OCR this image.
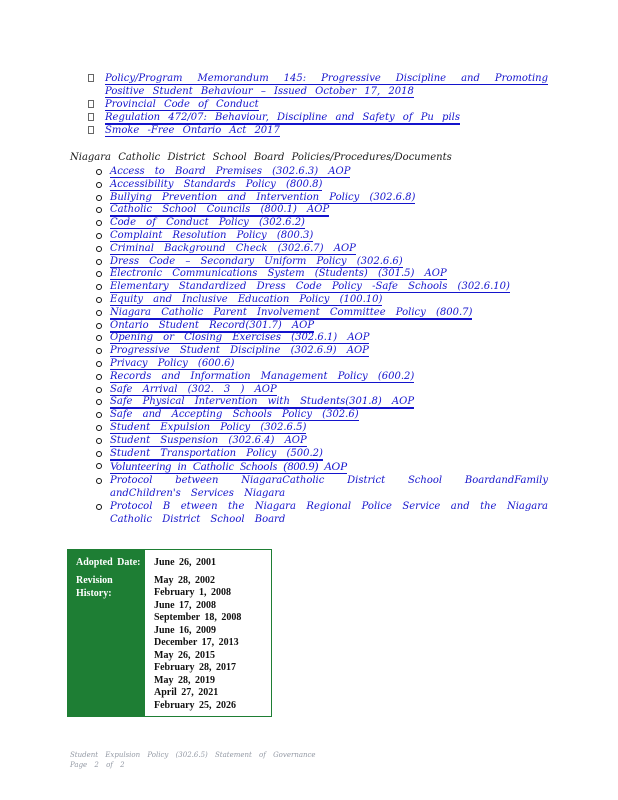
Policy/Program Memorandum 145: Progressive Discipline and Promoting Positive Student Behaviour – Issued October 17, 2018
Provincial Code of Conduct
Regulation 472/07: Behaviour, Discipline and Safety of Pu pils
Smoke -Free Ontario Act 2017
Niagara Catholic District School Board Policies/Procedures/Documents
Access to Board Premises (302.6.3) AOP
Accessibility Standards Policy (800.8)
Bullying Prevention and Intervention Policy (302.6.8)
Catholic School Councils (800.1) AOP
Code of Conduct Policy (302.6.2)
Complaint Resolution Policy (800.3)
Criminal Background Check (302.6.7) AOP
Dress Code – Secondary Uniform Policy (302.6.6)
Electronic Communications System (Students) (301.5) AOP
Elementary Standardized Dress Code Policy -Safe Schools (302.6.10)
Equity and Inclusive Education Policy (100.10)
Niagara Catholic Parent Involvement Committee Policy (800.7)
Ontario Student Record(301.7) AOP
Opening or Closing Exercises (302.6.1) AOP
Progressive Student Discipline (302.6.9) AOP
Privacy Policy (600.6)
Records and Information Management Policy (600.2)
Safe Arrival (302. 3 ) AOP
Safe Physical Intervention with Students(301.8) AOP
Safe and Accepting Schools Policy (302.6)
Student Expulsion Policy (302.6.5)
Student Suspension (302.6.4) AOP
Student Transportation Policy (500.2)
Volunteering in Catholic Schools (800.9) AOP
Protocol between NiagaraCatholic District School BoardandFamily andChildren's Services Niagara
Protocol B etween the Niagara Regional Police Service and the Niagara Catholic District School Board
Adopted Date:
Revision History:
June 26, 2001
May 28, 2002
February 1, 2008
June 17, 2008
September 18, 2008
June 16, 2009
December 17, 2013
May 26, 2015
February 28, 2017
May 28, 2019
April 27, 2021
February 25, 2026
Student Expulsion Policy (302.6.5) Statement of Governance
Page 2 of 2
